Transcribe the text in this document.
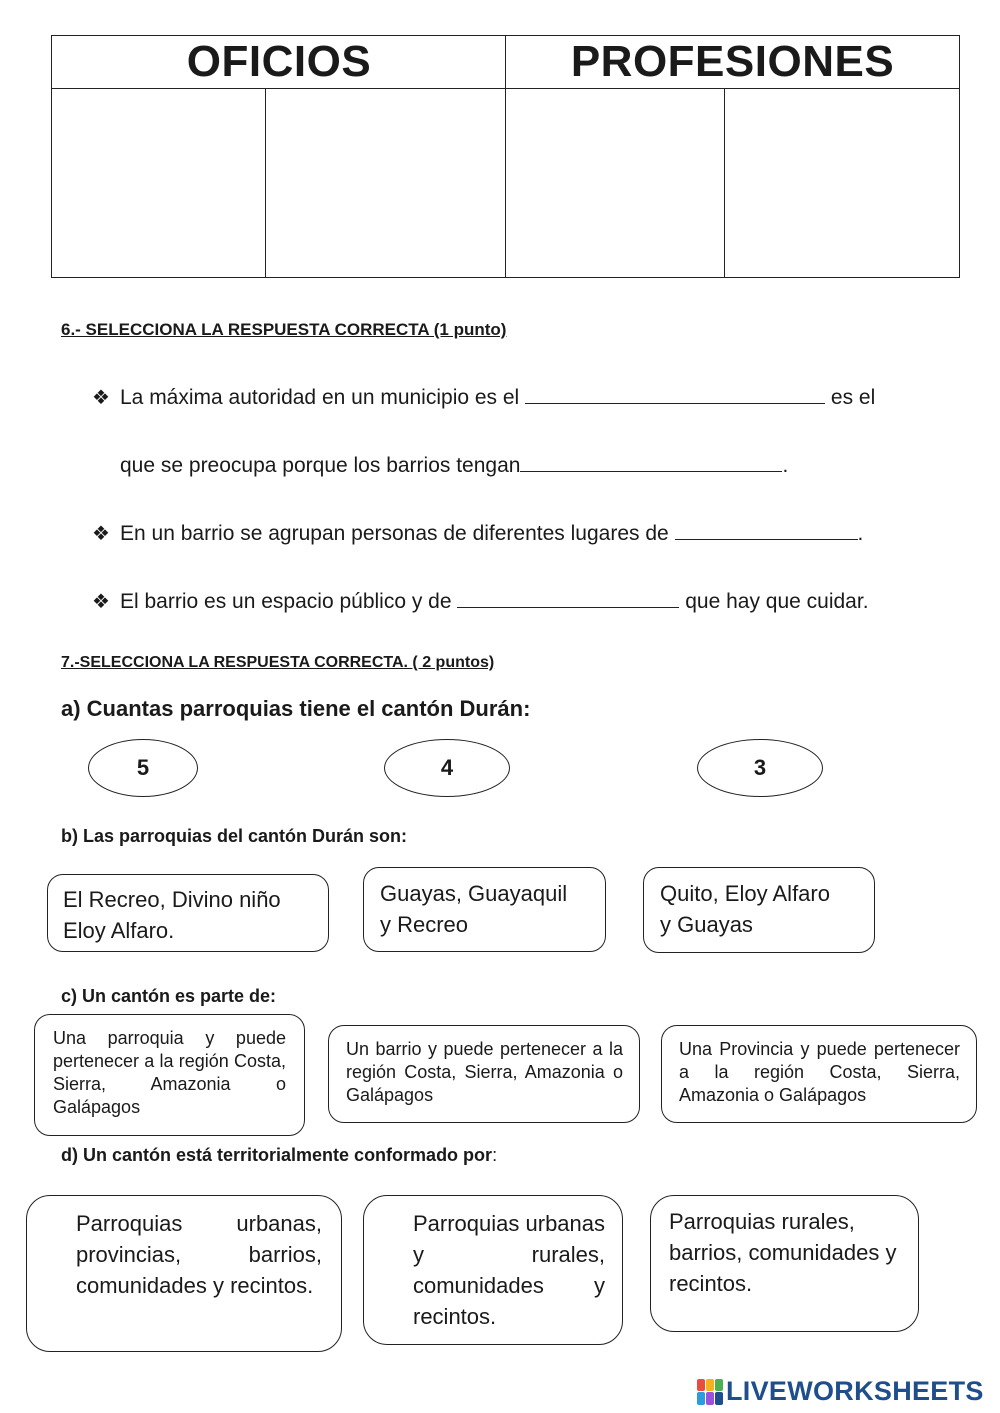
OFICIOS	PROFESIONES
6.- SELECCIONA LA RESPUESTA CORRECTA (1 punto)
❖ La máxima autoridad en un municipio es el	es el
que se preocupa porque los barrios tengan	.
❖ En un barrio se agrupan personas de diferentes lugares de	.
❖ El barrio es un espacio público y de	que hay que cuidar.
7.-SELECCIONA LA RESPUESTA CORRECTA. ( 2 puntos)
a) Cuantas parroquias tiene el cantón Durán:
5	4	3
b) Las parroquias del cantón Durán son:
El Recreo, Divino niño
Eloy Alfaro.
Guayas, Guayaquil
y Recreo
Quito, Eloy Alfaro
y Guayas
c) Un cantón es parte de:
Una parroquia y puede pertenecer a la región Costa, Sierra, Amazonia o Galápagos
Un barrio y puede pertenecer a la región Costa, Sierra, Amazonia o Galápagos
Una Provincia y puede pertenecer a la región Costa, Sierra, Amazonia o Galápagos
d) Un cantón está territorialmente conformado por:
Parroquias urbanas, provincias, barrios, comunidades y recintos.
Parroquias urbanas y rurales, comunidades y recintos.
Parroquias rurales, barrios, comunidades y recintos.
LIVEWORKSHEETS
